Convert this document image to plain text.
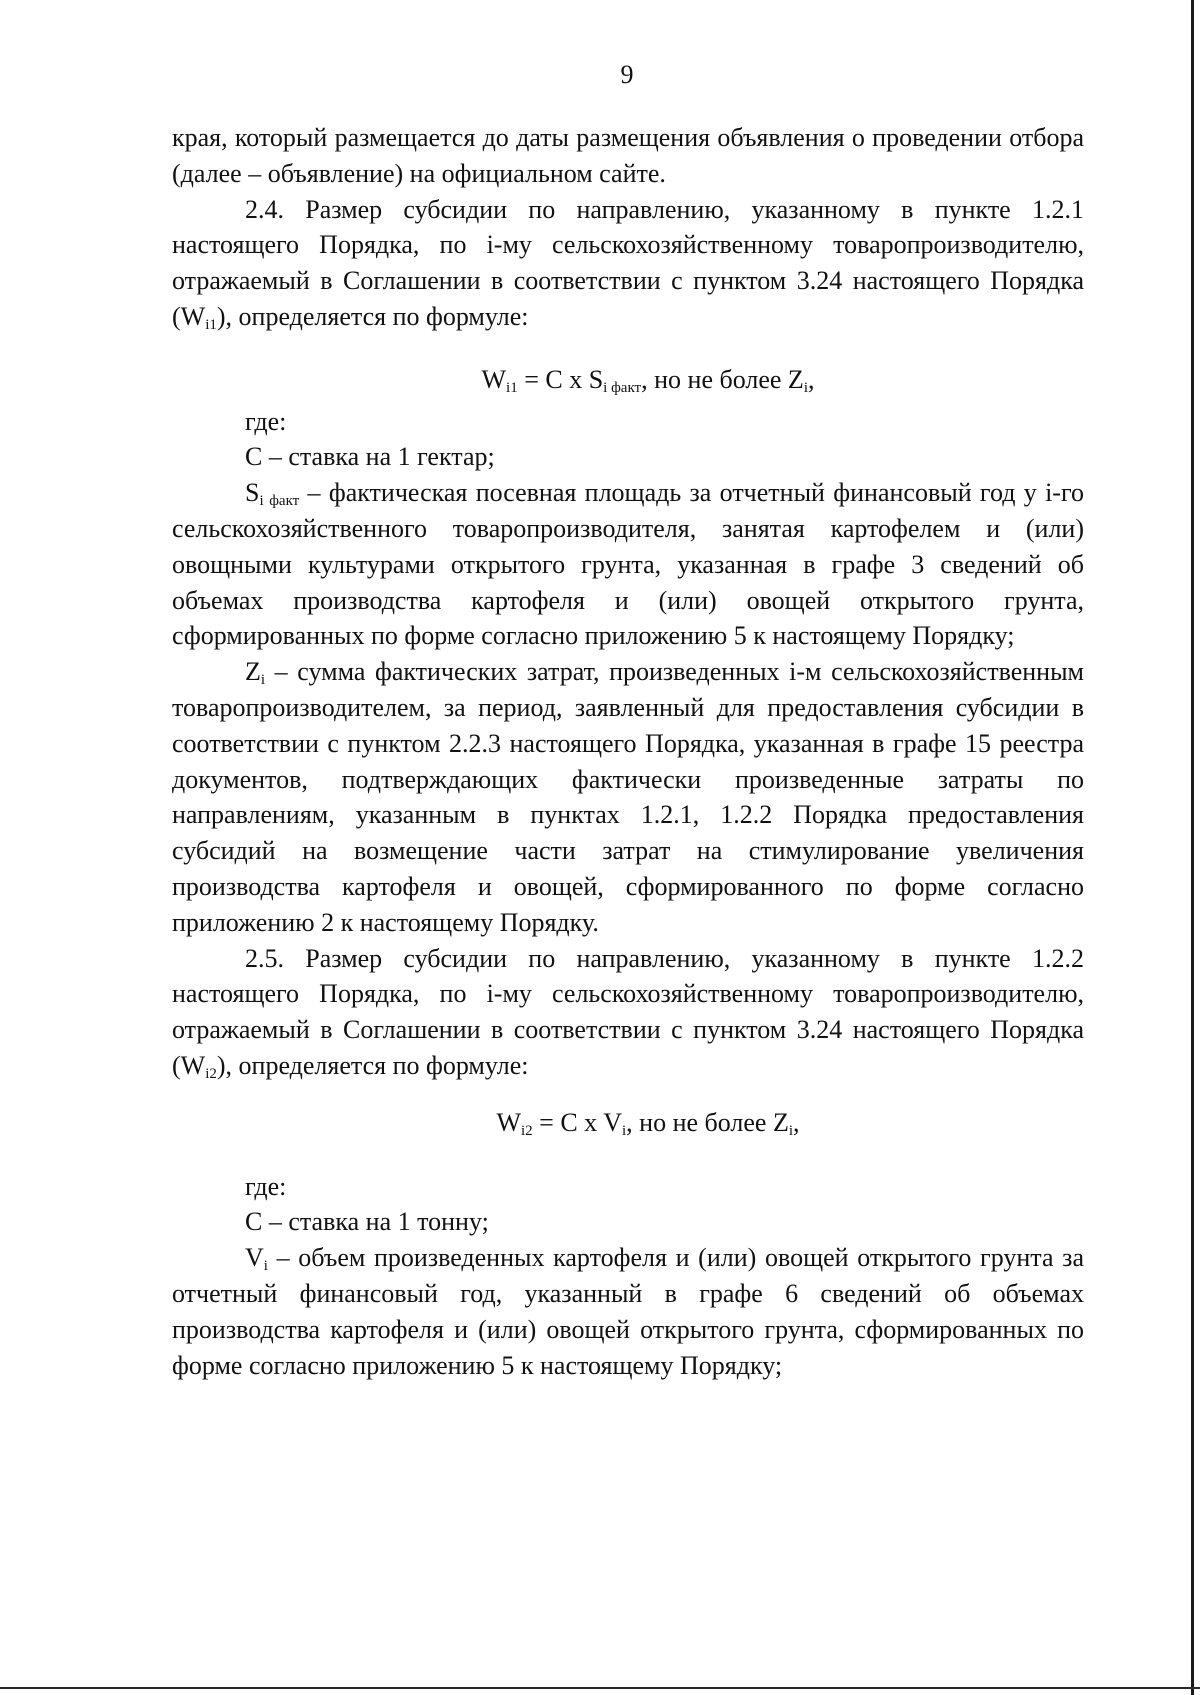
9

края, который размещается до даты размещения объявления о проведении отбора (далее – объявление) на официальном сайте.

2.4. Размер субсидии по направлению, указанному в пункте 1.2.1 настоящего Порядка, по i-му сельскохозяйственному товаропроизводителю, отражаемый в Соглашении в соответствии с пунктом 3.24 настоящего Порядка $(W_{i1})$, определяется по формуле:

$W_{i1} = C$ x $S_{i факт}$, но не более $Z_i$,

где:

С – ставка на 1 гектар;

$S_{i факт}$ – фактическая посевная площадь за отчетный финансовый год у i-го сельскохозяйственного товаропроизводителя, занятая картофелем и (или) овощными культурами открытого грунта, указанная в графе 3 сведений об объемах производства картофеля и (или) овощей открытого грунта, сформированных по форме согласно приложению 5 к настоящему Порядку;

$Z_i$ – сумма фактических затрат, произведенных i-м сельскохозяйственным товаропроизводителем, за период, заявленный для предоставления субсидии в соответствии с пунктом 2.2.3 настоящего Порядка, указанная в графе 15 реестра документов, подтверждающих фактически произведенные затраты по направлениям, указанным в пунктах 1.2.1, 1.2.2 Порядка предоставления субсидий на возмещение части затрат на стимулирование увеличения производства картофеля и овощей, сформированного по форме согласно приложению 2 к настоящему Порядку.

2.5. Размер субсидии по направлению, указанному в пункте 1.2.2 настоящего Порядка, по i-му сельскохозяйственному товаропроизводителю, отражаемый в Соглашении в соответствии с пунктом 3.24 настоящего Порядка $(W_{i2})$, определяется по формуле:

$W_{i2} = C$ x $V_i$, но не более $Z_i$,

где:

С – ставка на 1 тонну;

$V_i$ – объем произведенных картофеля и (или) овощей открытого грунта за отчетный финансовый год, указанный в графе 6 сведений об объемах производства картофеля и (или) овощей открытого грунта, сформированных по форме согласно приложению 5 к настоящему Порядку;
